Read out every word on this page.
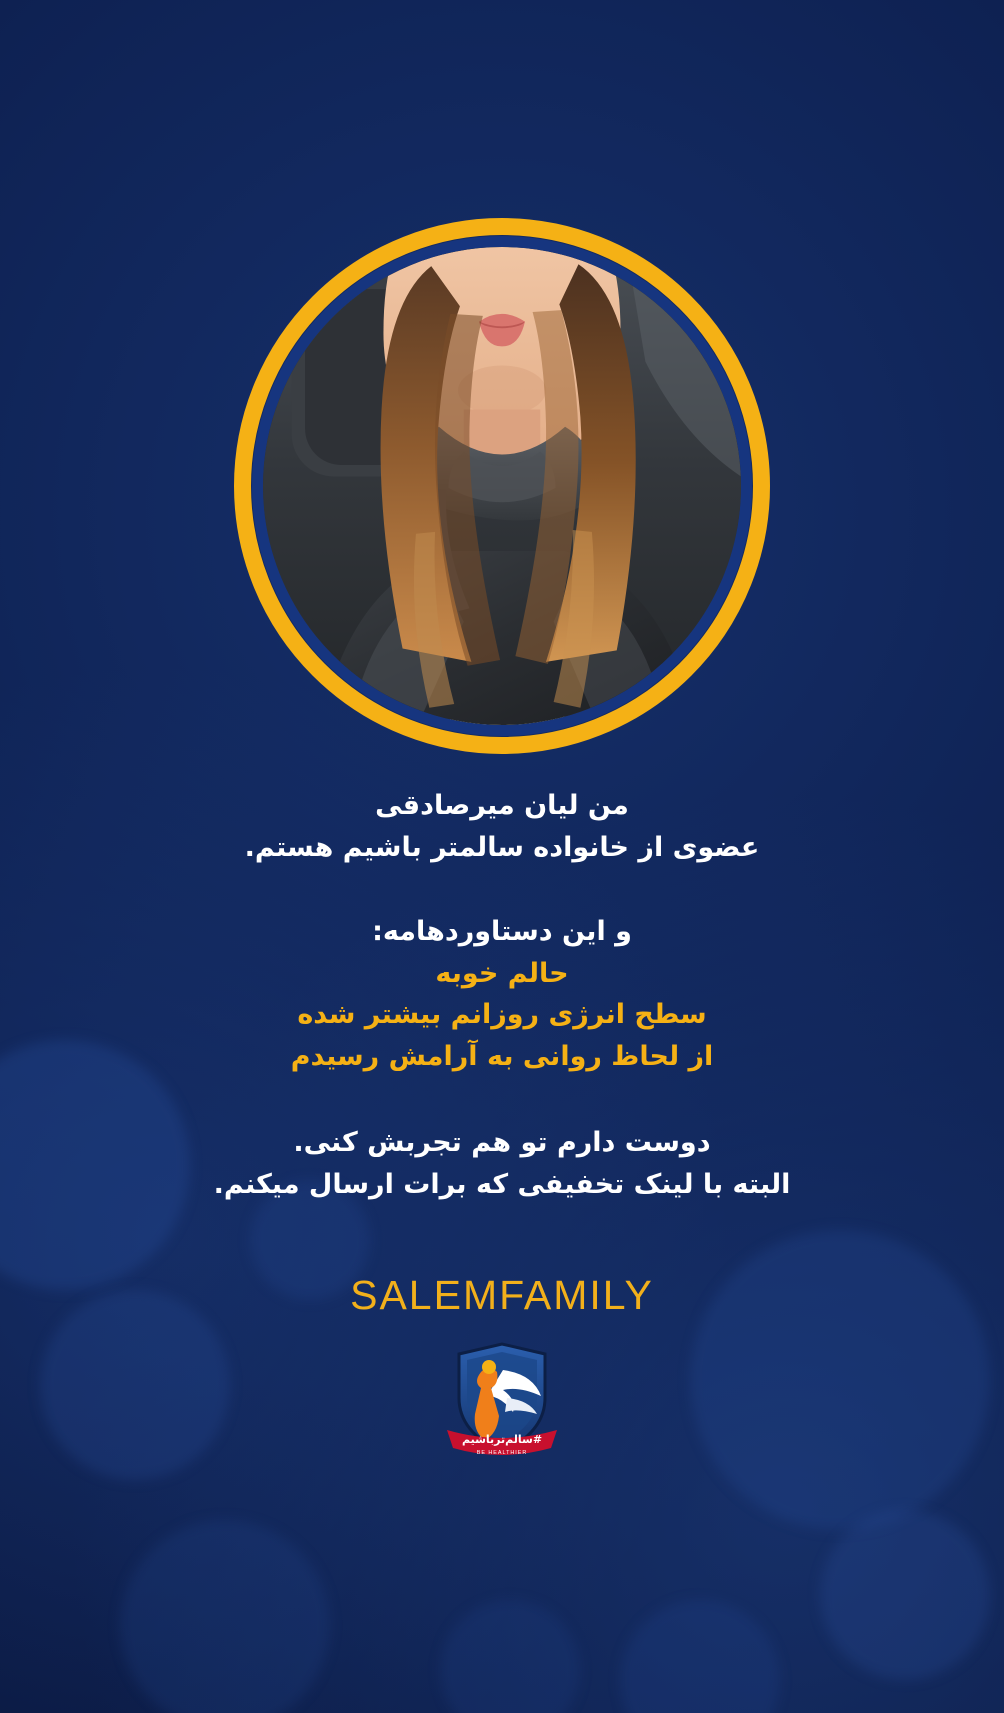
من لیان میرصادقی
عضوی از خانواده سالمتر باشیم هستم.
و این دستاوردهامه:
حالم خوبه
سطح انرژی روزانم بیشتر شده
از لحاظ روانی به آرامش رسیدم
دوست دارم تو هم تجربش کنی.
البته با لینک تخفیفی که برات ارسال میکنم.
SALEMFAMILY
#سالم‌تر‌باشیم
BE HEALTHIER
